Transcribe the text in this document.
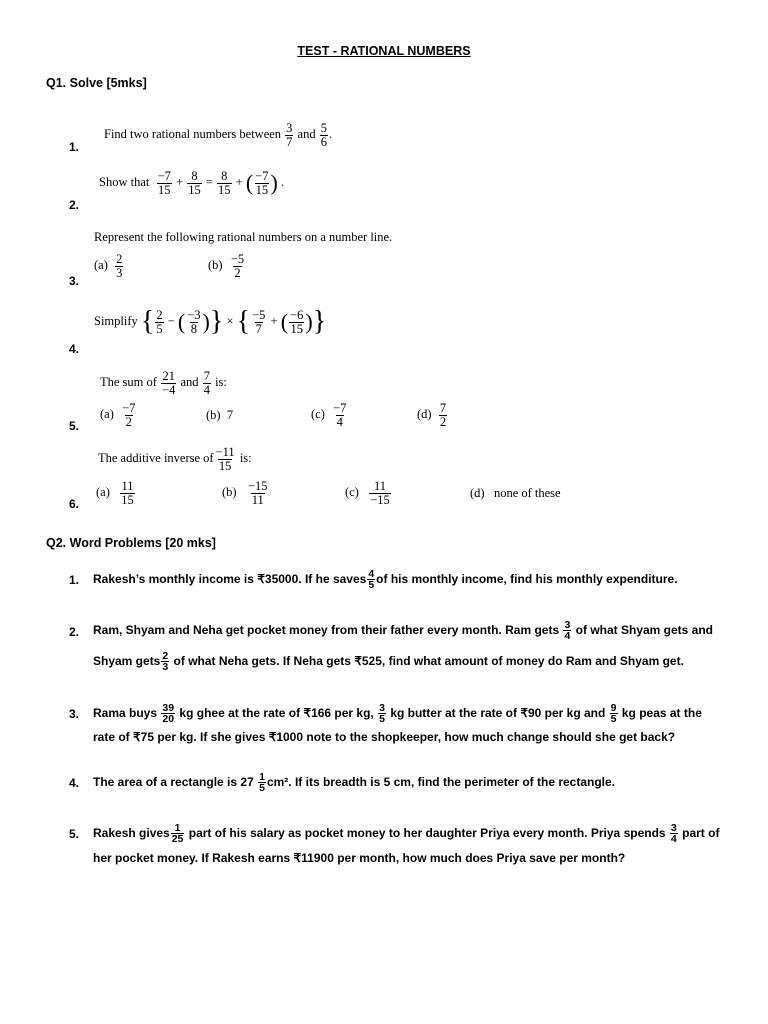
TEST - RATIONAL NUMBERS
Q1. Solve [5mks]
1.
Find two rational numbers between $\frac{3}{7}$ and $\frac{5}{6}$ .
2.
Show that $\frac{-7}{15} + \frac{8}{15} = \frac{8}{15}$ + ( $\frac{-7}{15}$ ) .
3.
Represent the following rational numbers on a number line.
$(a) \frac{2}{3}$	$(b) \frac{-5}{2}$
4.
Simplify { $\frac{2}{5}$ − ( $\frac{-3}{8}$ )} × { $\frac{-5}{7}$ + ( $\frac{-6}{15}$ )}
5.
The sum of $\frac{21}{-4}$ and $\frac{7}{4}$ is:
$(a) \frac{-7}{2}$	(b) 7	$(c) \frac{-7}{4}$	$(d) \frac{7}{2}$
6.
The additive inverse of $\frac{-11}{15}$ is:
$(a) \frac{11}{15}$	$(b) \frac{-15}{11}$	$(c) \frac{11}{-15}$	(d) none of these
Q2. Word Problems [20 mks]
1. Rakesh’s monthly income is ₹35000. If he saves $\frac{4}{5}$ of his monthly income, find his monthly expenditure.
2. Ram, Shyam and Neha get pocket money from their father every month. Ram gets $\frac{3}{4}$ of what Shyam gets and
Shyam gets $\frac{2}{3}$ of what Neha gets. If Neha gets ₹525, find what amount of money do Ram and Shyam get.
3. Rama buys $\frac{39}{20}$ kg ghee at the rate of ₹166 per kg, $\frac{3}{5}$ kg butter at the rate of ₹90 per kg and $\frac{9}{5}$ kg peas at the
rate of ₹75 per kg. If she gives ₹1000 note to the shopkeeper, how much change should she get back?
4. The area of a rectangle is $27 \frac{1}{5} cm^2$. If its breadth is 5 cm, find the perimeter of the rectangle.
5. Rakesh gives $\frac{1}{25}$ part of his salary as pocket money to her daughter Priya every month. Priya spends $\frac{3}{4}$ part of
her pocket money. If Rakesh earns ₹11900 per month, how much does Priya save per month?
